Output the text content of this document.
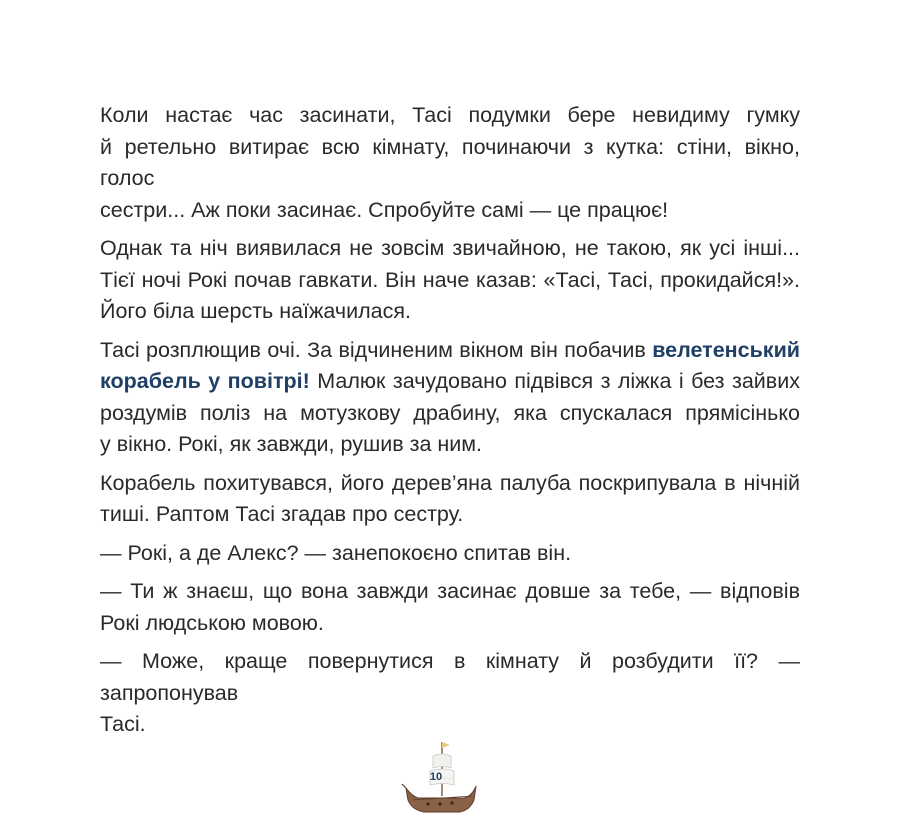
Коли настає час засинати, Тасі подумки бере невидиму гумку
й ретельно витирає всю кімнату, починаючи з кутка: стіни, вікно, голос
сестри... Аж поки засинає. Спробуйте самі — це працює!

Однак та ніч виявилася не зовсім звичайною, не такою, як усі інші...
Тієї ночі Рокі почав гавкати. Він наче казав: «Тасі, Тасі, прокидайся!».
Його біла шерсть наїжачилася.

Тасі розплющив очі. За відчиненим вікном він побачив велетенський
корабель у повітрі! Малюк зачудовано підвівся з ліжка і без зайвих
роздумів поліз на мотузкову драбину, яка спускалася прямісінько
у вікно. Рокі, як завжди, рушив за ним.

Корабель похитувався, його дерев’яна палуба поскрипувала в нічній
тиші. Раптом Тасі згадав про сестру.

— Рокі, а де Алекс? — занепокоєно спитав він.

— Ти ж знаєш, що вона завжди засинає довше за тебе, — відповів
Рокі людською мовою.

— Може, краще повернутися в кімнату й розбудити її? — запропонував
Тасі.

10
